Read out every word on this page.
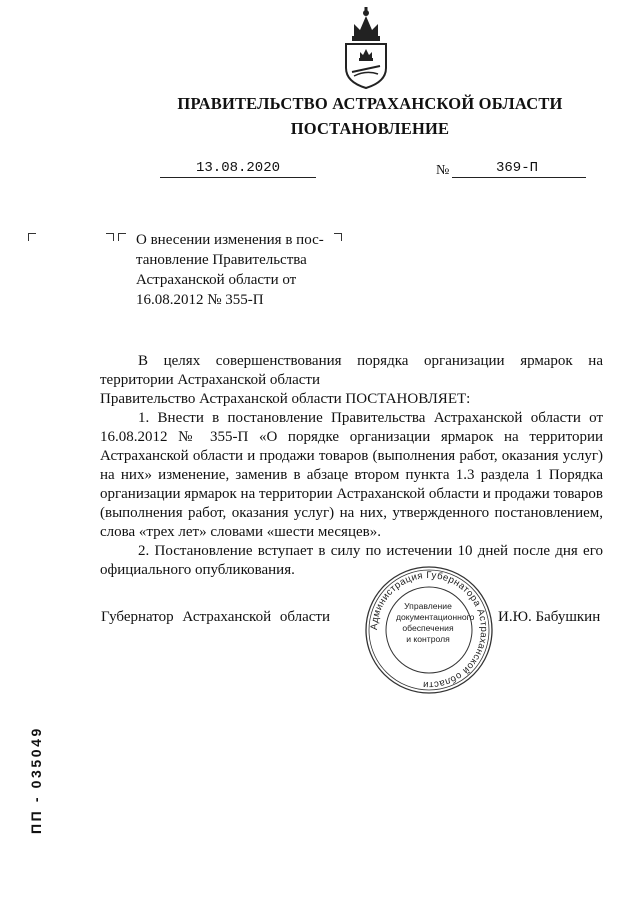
ПРАВИТЕЛЬСТВО АСТРАХАНСКОЙ ОБЛАСТИ
ПОСТАНОВЛЕНИЕ
13.08.2020	№	369-П
О внесении изменения в пос-
тановление Правительства
Астраханской области от
16.08.2012 № 355-П

В целях совершенствования порядка организации ярмарок на территории Астраханской области

Правительство Астраханской области ПОСТАНОВЛЯЕТ:

1. Внести в постановление Правительства Астраханской области от 16.08.2012 № 355-П «О порядке организации ярмарок на территории Астраханской области и продажи товаров (выполнения работ, оказания услуг) на них» изменение, заменив в абзаце втором пункта 1.3 раздела 1 Порядка организации ярмарок на территории Астраханской области и продажи товаров (выполнения работ, оказания услуг) на них, утвержденного постановлением, слова «трех лет» словами «шести месяцев».

2. Постановление вступает в силу по истечении 10 дней после дня его официального опубликования.

Администрация Губернатора Астраханской области
Управление
документационного
обеспечения
и контроля
Губернатор Астраханской области	И.Ю. Бабушкин
ПП - 035049
